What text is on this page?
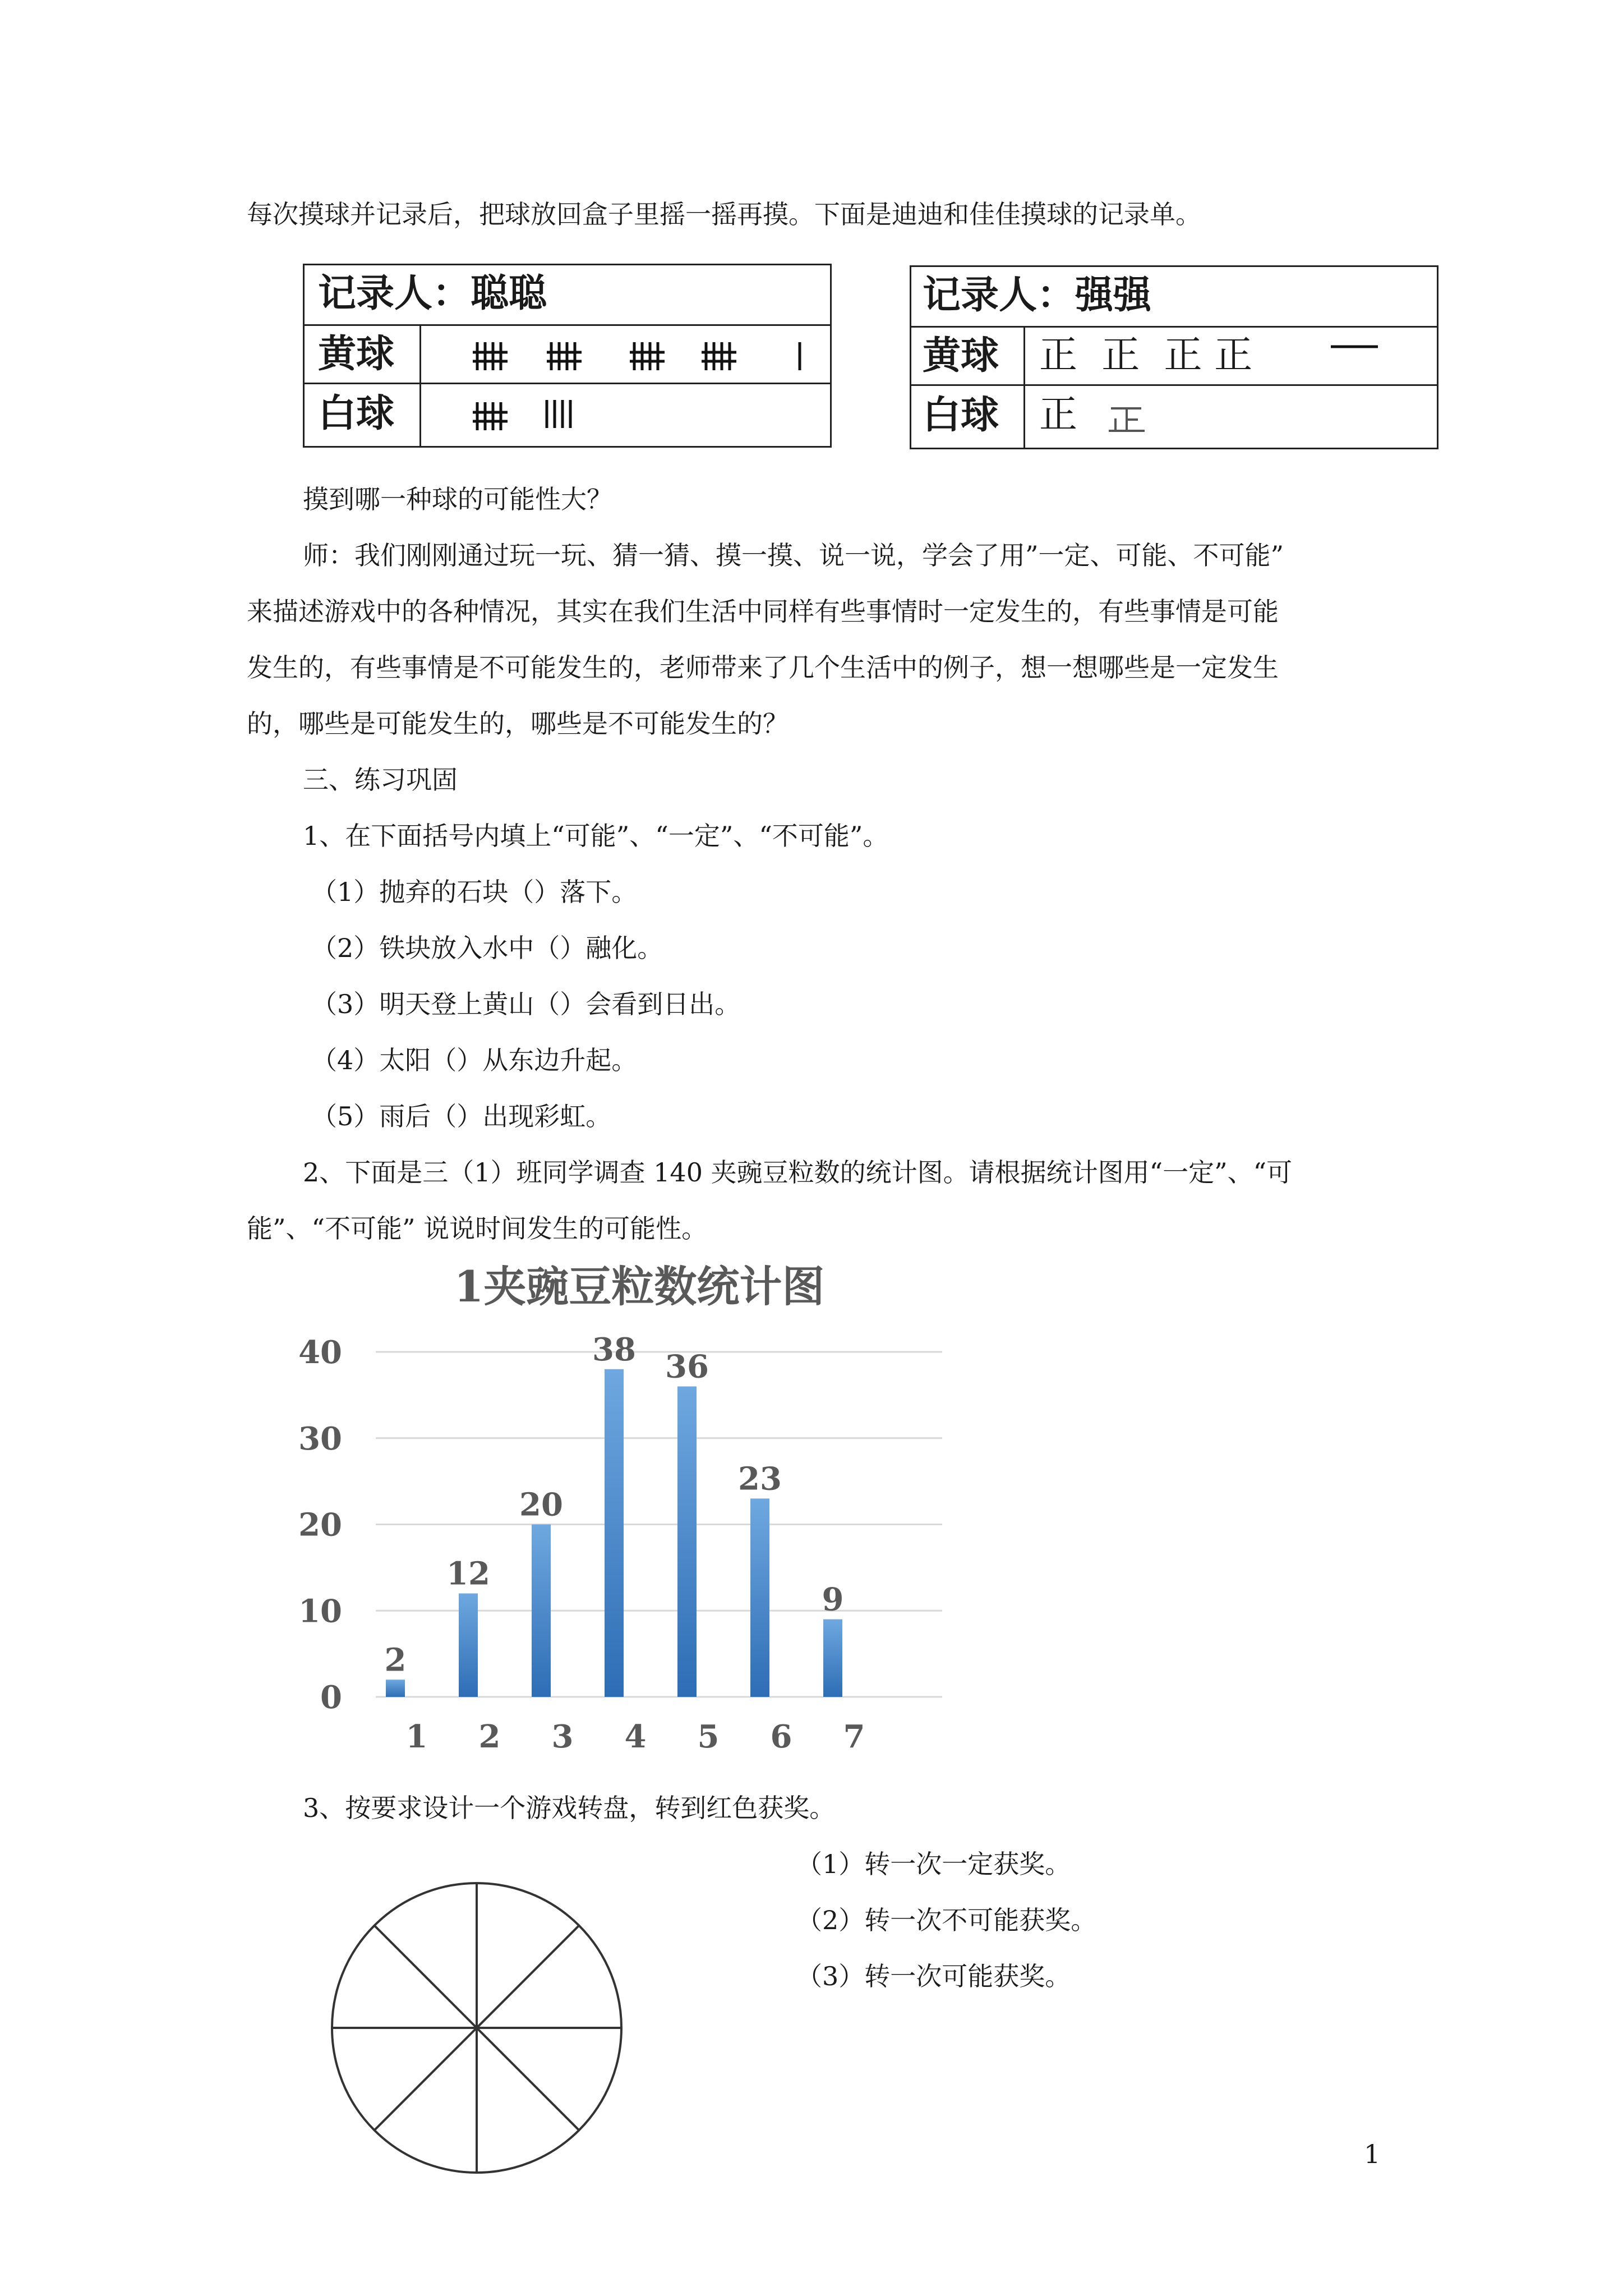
每次摸球并记录后，把球放回盒子里摇一摇再摸。下面是迪迪和佳佳摸球的记录单。
记录人：聪聪
黄球
白球
记录人：强强
黄球 正  正  正 正
白球 正
摸到哪一种球的可能性大？
师：我们刚刚通过玩一玩、猜一猜、摸一摸、说一说，学会了用”一定、可能、不可能”
来描述游戏中的各种情况，其实在我们生活中同样有些事情时一定发生的，有些事情是可能
发生的，有些事情是不可能发生的，老师带来了几个生活中的例子，想一想哪些是一定发生
的，哪些是可能发生的，哪些是不可能发生的？
三、练习巩固
1、在下面括号内填上“可能”、“一定”、“不可能”。
（1）抛弃的石块（）落下。
（2）铁块放入水中（）融化。
（3）明天登上黄山（）会看到日出。
（4）太阳（）从东边升起。
（5）雨后（）出现彩虹。
2、下面是三（1）班同学调查 140 夹豌豆粒数的统计图。请根据统计图用“一定”、“可
能”、“不可能” 说说时间发生的可能性。
1夹豌豆粒数统计图
2
12
20
38 36
23
9
0
10
20
30
40
1 2 3 4 5 6 7
3、按要求设计一个游戏转盘，转到红色获奖。
（1）转一次一定获奖。
（2）转一次不可能获奖。
（3）转一次可能获奖。
1
